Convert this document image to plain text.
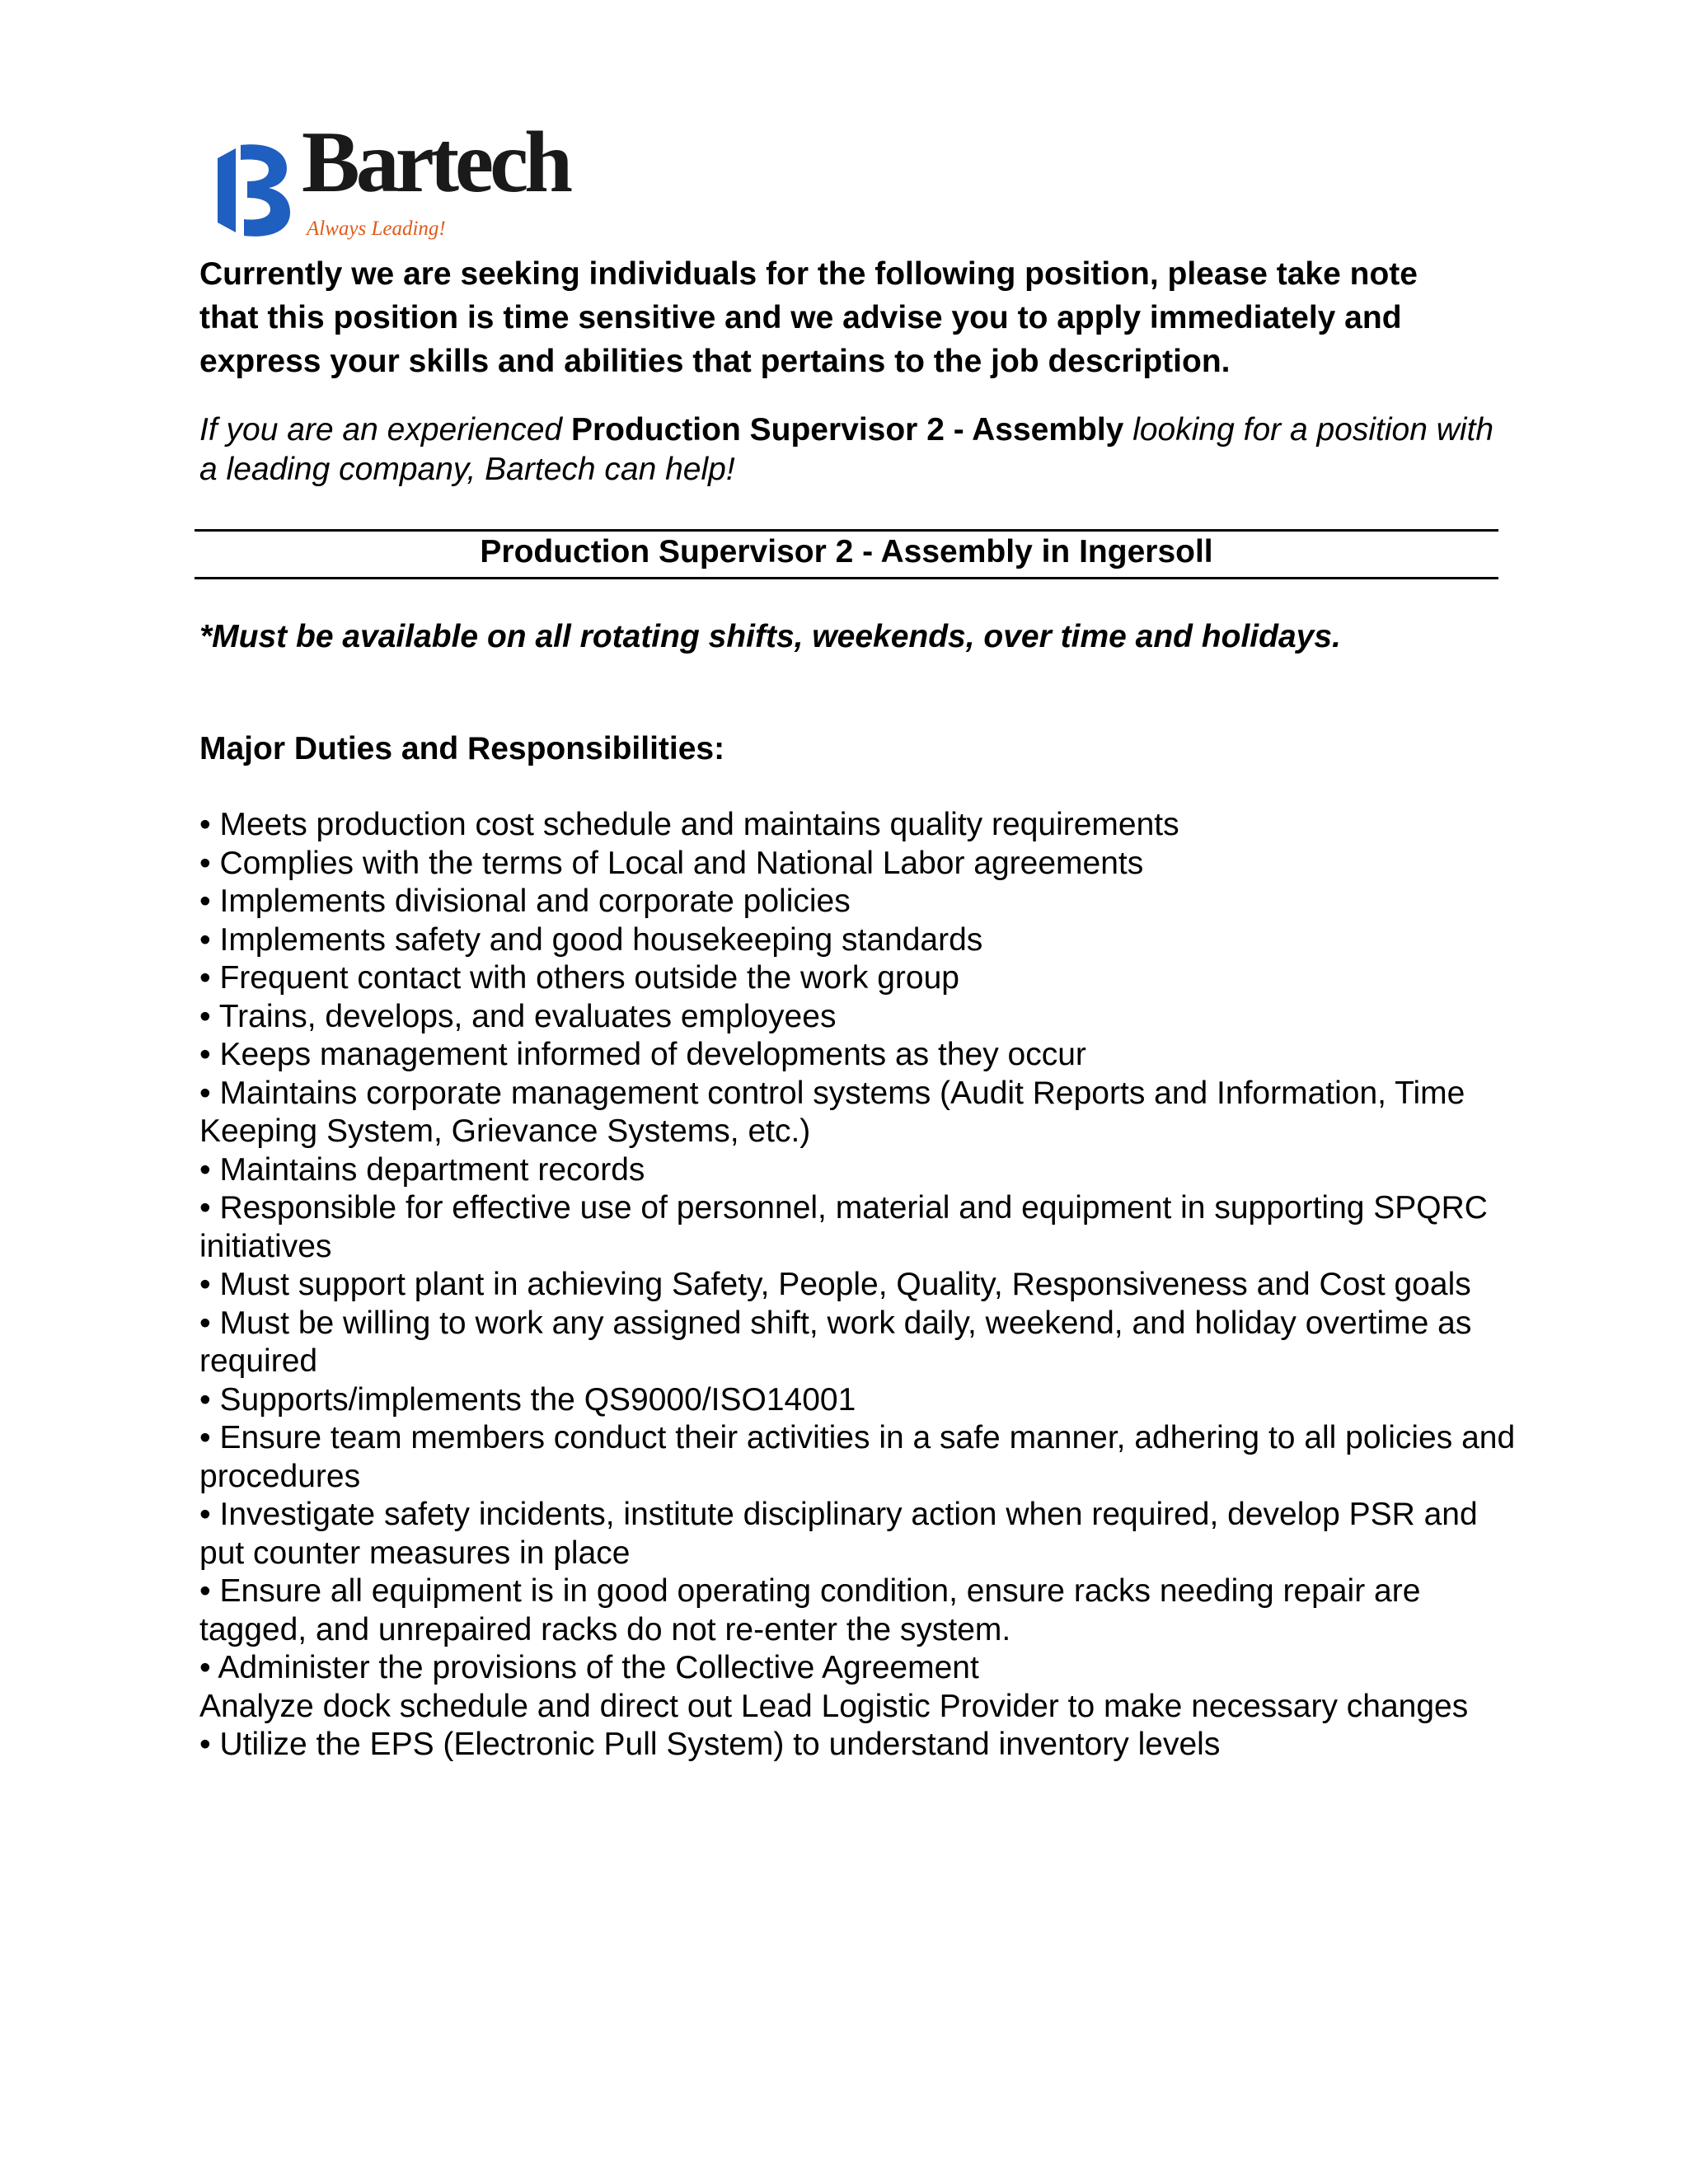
Bartech
Always Leading!
Currently we are seeking individuals for the following position, please take note that this position is time sensitive and we advise you to apply immediately and express your skills and abilities that pertains to the job description.
If you are an experienced Production Supervisor 2 - Assembly looking for a position with a leading company, Bartech can help!
Production Supervisor 2 - Assembly in Ingersoll
*Must be available on all rotating shifts, weekends, over time and holidays.
Major Duties and Responsibilities:

• Meets production cost schedule and maintains quality requirements

• Complies with the terms of Local and National Labor agreements

• Implements divisional and corporate policies

• Implements safety and good housekeeping standards

• Frequent contact with others outside the work group

• Trains, develops, and evaluates employees

• Keeps management informed of developments as they occur

• Maintains corporate management control systems (Audit Reports and Information, Time Keeping System, Grievance Systems, etc.)

• Maintains department records

• Responsible for effective use of personnel, material and equipment in supporting SPQRC initiatives

• Must support plant in achieving Safety, People, Quality, Responsiveness and Cost goals

• Must be willing to work any assigned shift, work daily, weekend, and holiday overtime as required

• Supports/implements the QS9000/ISO14001

• Ensure team members conduct their activities in a safe manner, adhering to all policies and procedures

• Investigate safety incidents, institute disciplinary action when required, develop PSR and put counter measures in place

• Ensure all equipment is in good operating condition, ensure racks needing repair are tagged, and unrepaired racks do not re-enter the system.

• Administer the provisions of the Collective Agreement

Analyze dock schedule and direct out Lead Logistic Provider to make necessary changes

• Utilize the EPS (Electronic Pull System) to understand inventory levels
